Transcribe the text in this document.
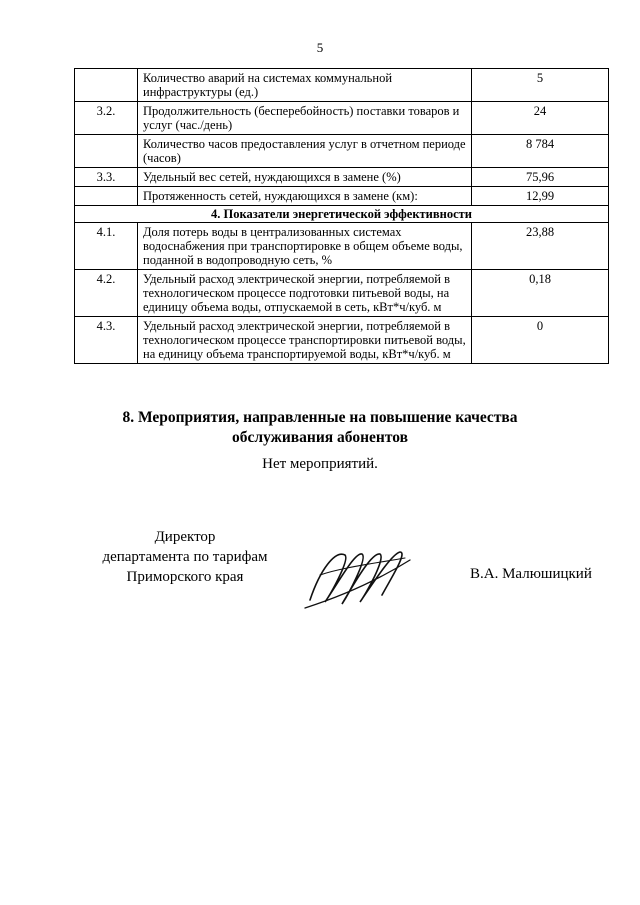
5
	Количество аварий на системах коммунальной инфраструктуры (ед.)	5
3.2.	Продолжительность (бесперебойность) поставки товаров и услуг (час./день)	24
	Количество часов предоставления услуг в отчетном периоде (часов)	8 784
3.3.	Удельный вес сетей, нуждающихся в замене (%)	75,96
	Протяженность сетей, нуждающихся в замене (км):	12,99
4. Показатели энергетической эффективности		
4.1.	Доля потерь воды в централизованных системах водоснабжения при транспортировке в общем объеме воды, поданной в водопроводную сеть, %	23,88
4.2.	Удельный расход электрической энергии, потребляемой в технологическом процессе подготовки питьевой воды, на единицу объема воды, отпускаемой в сеть, кВт*ч/куб. м	0,18
4.3.	Удельный расход электрической энергии, потребляемой в технологическом процессе транспортировки питьевой воды, на единицу объема транспортируемой воды, кВт*ч/куб. м	0
8. Мероприятия, направленные на повышение качества
обслуживания абонентов
Нет мероприятий.
Директор
департамента по тарифам
Приморского края	В.А. Малюшицкий
